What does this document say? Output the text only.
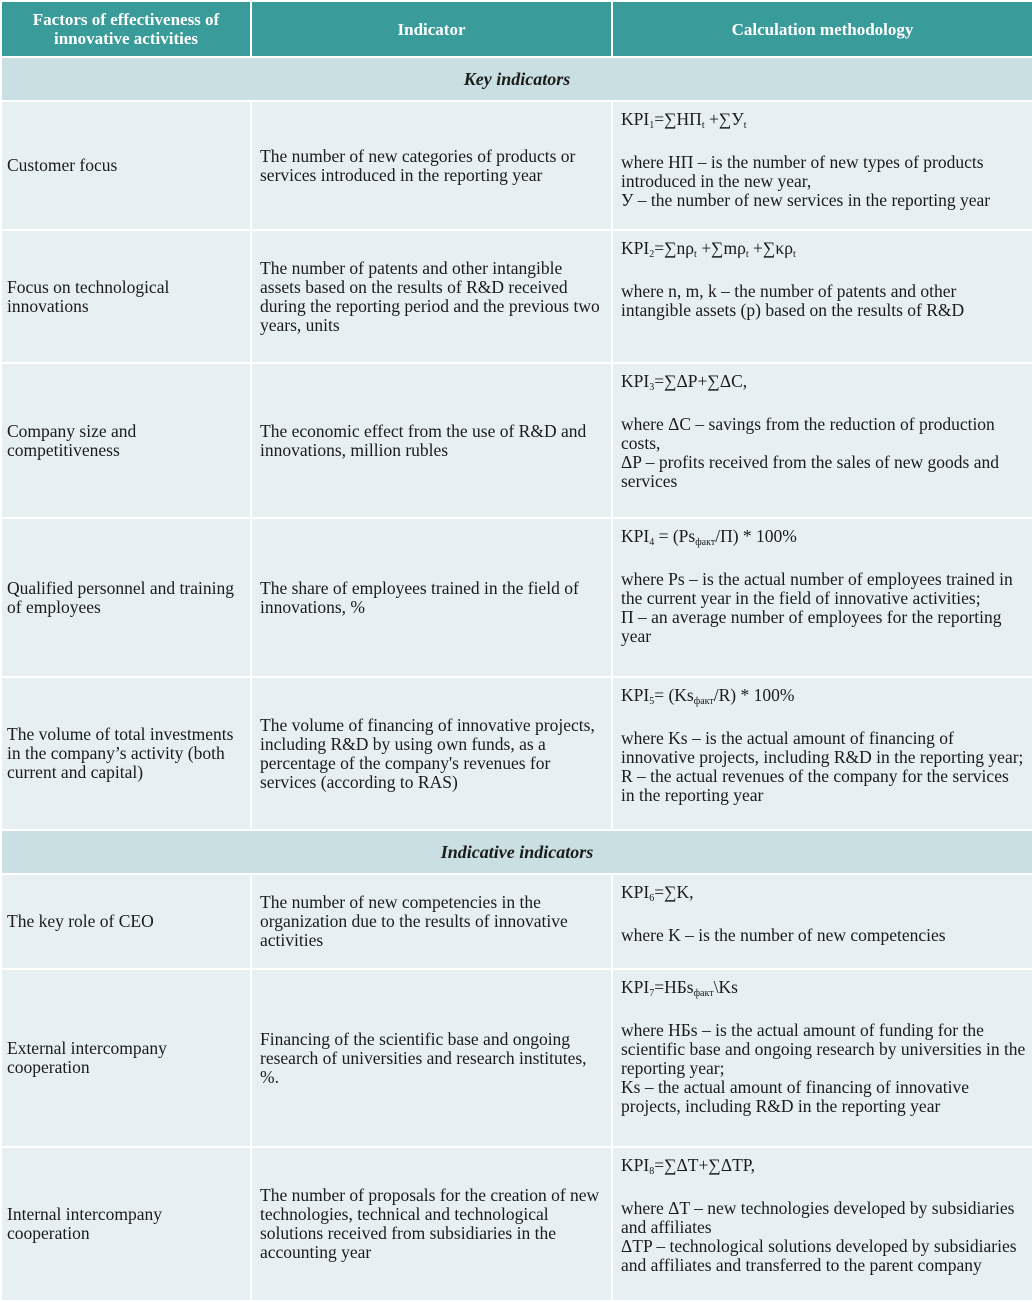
Factors of effectiveness of innovative activities	Indicator	Calculation methodology
Key indicators		
Customer focus	The number of new categories of products or services introduced in the reporting year	$KPI_1=\sum НП_t +\sum У_t$
where НП – is the number of new types of products introduced in the new year,
У – the number of new services in the reporting year

Focus on technological innovations	The number of patents and other intangible assets based on the results of R&D received during the reporting period and the previous two years, units	$KPI_2=\sum n\rho_t +\sum m\rho_t +\sum\kappa\rho_t$
where n, m, k – the number of patents and other intangible assets (p) based on the results of R&D

Company size and competitiveness	The economic effect from the use of R&D and innovations, million rubles	$KPI_3=\sum\Delta P+\sum\Delta C$,
where ΔC – savings from the reduction of production costs,
ΔP – profits received from the sales of new goods and services

Qualified personnel and training of employees	The share of employees trained in the field of innovations, %	$KPI_4 = (Ps_{факт}/П) * 100\%$
where Ps – is the actual number of employees trained in the current year in the field of innovative activities;
П – an average number of employees for the reporting year

The volume of total investments in the company’s activity (both current and capital)	The volume of financing of innovative projects, including R&D by using own funds, as a percentage of the company's revenues for services (according to RAS)	$KPI_5= (Ks_{факт}/R) * 100\%$
where Ks – is the actual amount of financing of innovative projects, including R&D in the reporting year;
R – the actual revenues of the company for the services in the reporting year

Indicative indicators		
The key role of CEO	The number of new competencies in the organization due to the results of innovative activities	$KPI_6=\sum K$,
where K – is the number of new competencies

External intercompany cooperation	Financing of the scientific base and ongoing research of universities and research institutes, %.	$KPI_7=НБs_{факт}\backslash Ks$
where НБs – is the actual amount of funding for the scientific base and ongoing research by universities in the reporting year;
Ks – the actual amount of financing of innovative projects, including R&D in the reporting year

Internal intercompany cooperation	The number of proposals for the creation of new technologies, technical and technological solutions received from subsidiaries in the accounting year	$KPI_8=\sum\Delta T+\sum\Delta TP$,
where ΔT – new technologies developed by subsidiaries and affiliates
ΔTP – technological solutions developed by subsidiaries and affiliates and transferred to the parent company
